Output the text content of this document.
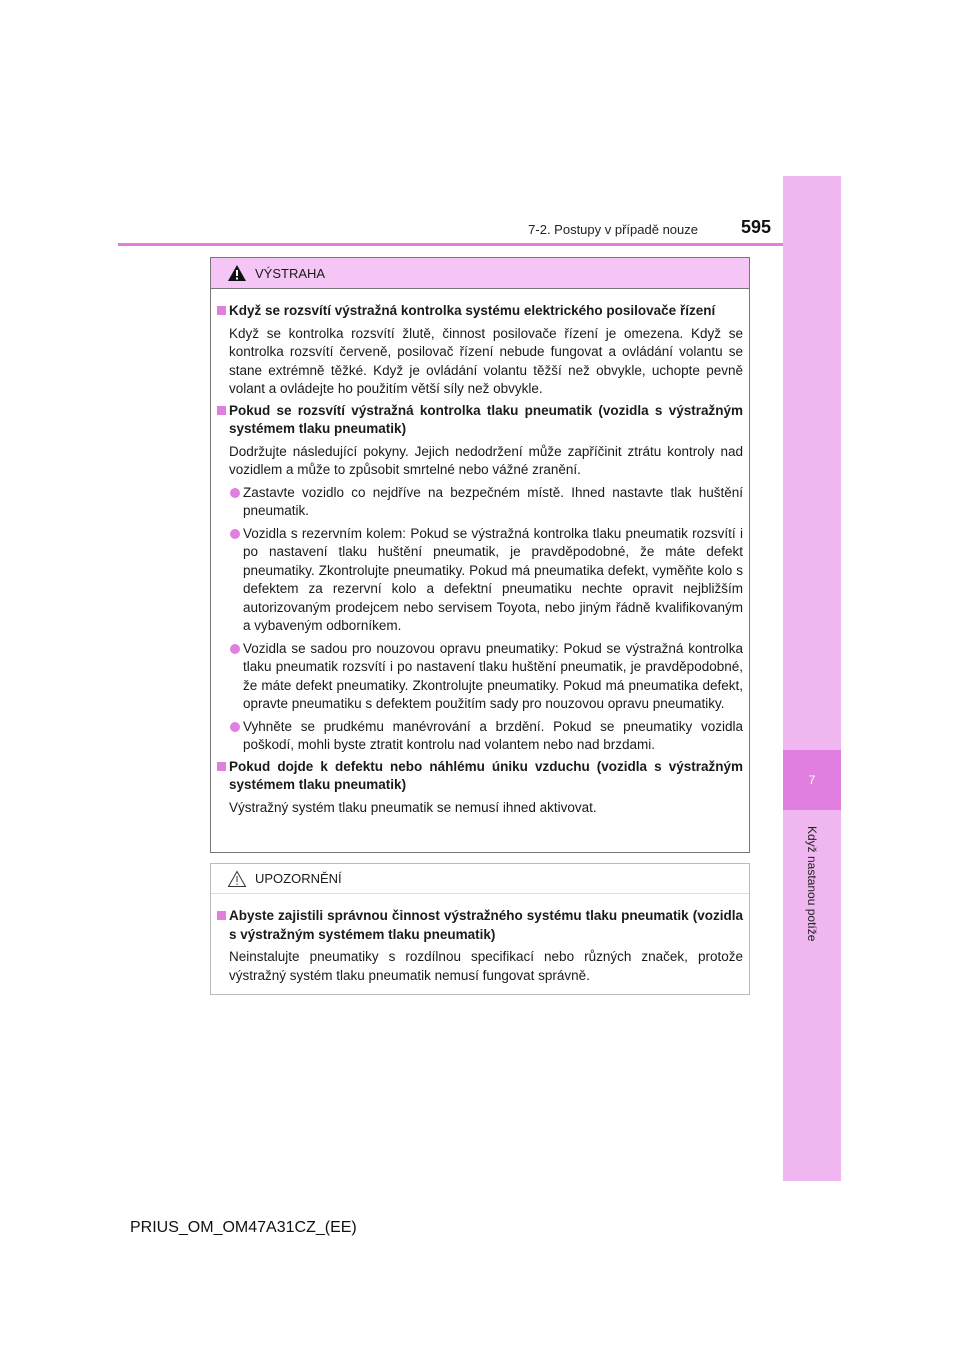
7
Když nastanou potíže
7-2. Postupy v případě nouze 595
VÝSTRAHA
Když se rozsvítí výstražná kontrolka systému elektrického posilovače řízení
Když se kontrolka rozsvítí žlutě, činnost posilovače řízení je omezena. Když se kontrolka rozsvítí červeně, posilovač řízení nebude fungovat a ovládání volantu se stane extrémně těžké. Když je ovládání volantu těžší než obvykle, uchopte pevně volant a ovládejte ho použitím větší síly než obvykle.
Pokud se rozsvítí výstražná kontrolka tlaku pneumatik (vozidla s výstražným systémem tlaku pneumatik)
Dodržujte následující pokyny. Jejich nedodržení může zapříčinit ztrátu kontroly nad vozidlem a může to způsobit smrtelné nebo vážné zranění.
Zastavte vozidlo co nejdříve na bezpečném místě. Ihned nastavte tlak huštění pneumatik.
Vozidla s rezervním kolem: Pokud se výstražná kontrolka tlaku pneumatik rozsvítí i po nastavení tlaku huštění pneumatik, je pravděpodobné, že máte defekt pneumatiky. Zkontrolujte pneumatiky. Pokud má pneumatika defekt, vyměňte kolo s defektem za rezervní kolo a defektní pneumatiku nechte opravit nejbližším autorizovaným prodejcem nebo servisem Toyota, nebo jiným řádně kvalifikovaným a vybaveným odborníkem.
Vozidla se sadou pro nouzovou opravu pneumatiky: Pokud se výstražná kontrolka tlaku pneumatik rozsvítí i po nastavení tlaku huštění pneumatik, je pravděpodobné, že máte defekt pneumatiky. Zkontrolujte pneumatiky. Pokud má pneumatika defekt, opravte pneumatiku s defektem použitím sady pro nouzovou opravu pneumatiky.
Vyhněte se prudkému manévrování a brzdění. Pokud se pneumatiky vozidla poškodí, mohli byste ztratit kontrolu nad volantem nebo nad brzdami.
Pokud dojde k defektu nebo náhlému úniku vzduchu (vozidla s výstražným systémem tlaku pneumatik)
Výstražný systém tlaku pneumatik se nemusí ihned aktivovat.
UPOZORNĚNÍ
Abyste zajistili správnou činnost výstražného systému tlaku pneumatik (vozidla s výstražným systémem tlaku pneumatik)
Neinstalujte pneumatiky s rozdílnou specifikací nebo různých značek, protože výstražný systém tlaku pneumatik nemusí fungovat správně.
PRIUS_OM_OM47A31CZ_(EE)
